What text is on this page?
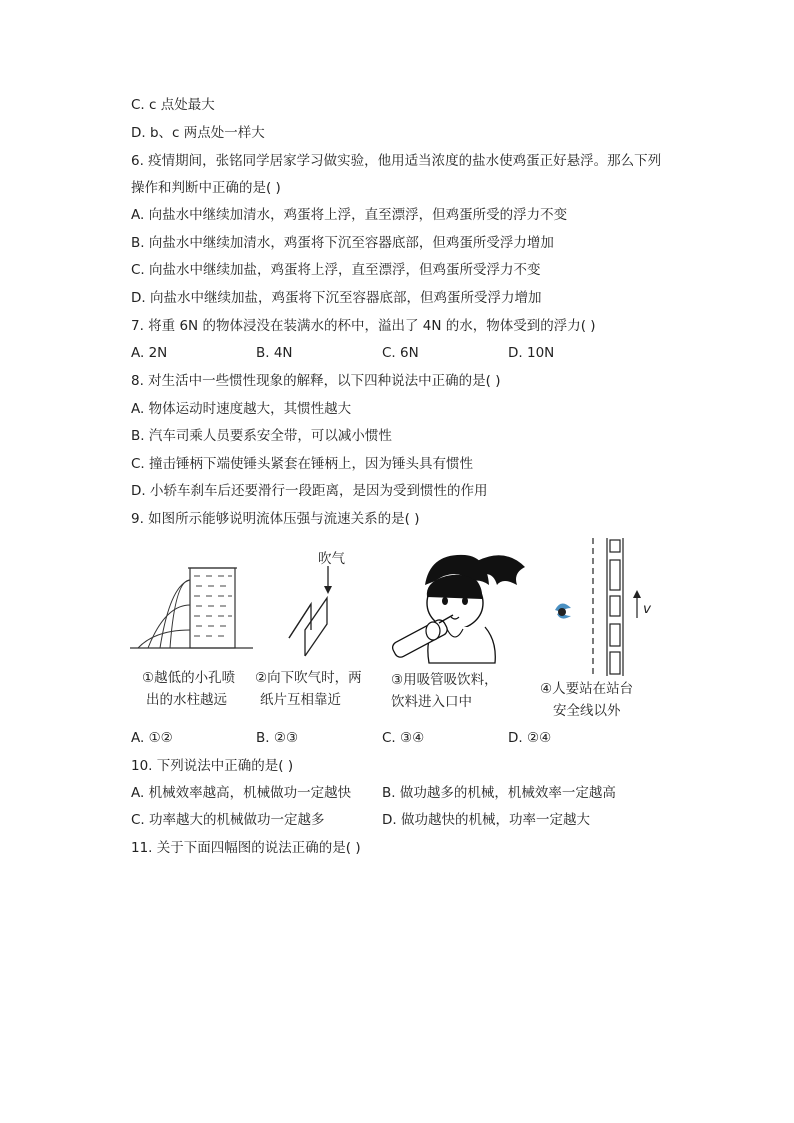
C. c 点处最大
D. b、c 两点处一样大
6. 疫情期间，张铭同学居家学习做实验，他用适当浓度的盐水使鸡蛋正好悬浮。那么下列
操作和判断中正确的是( )
A. 向盐水中继续加清水，鸡蛋将上浮，直至漂浮，但鸡蛋所受的浮力不变
B. 向盐水中继续加清水，鸡蛋将下沉至容器底部，但鸡蛋所受浮力增加
C. 向盐水中继续加盐，鸡蛋将上浮，直至漂浮，但鸡蛋所受浮力不变
D. 向盐水中继续加盐，鸡蛋将下沉至容器底部，但鸡蛋所受浮力增加
7. 将重 6N 的物体浸没在装满水的杯中，溢出了 4N 的水，物体受到的浮力( )
A. 2N	B. 4N	C. 6N	D. 10N
8. 对生活中一些惯性现象的解释，以下四种说法中正确的是( )
A. 物体运动时速度越大，其惯性越大
B. 汽车司乘人员要系安全带，可以减小惯性
C. 撞击锤柄下端使锤头紧套在锤柄上，因为锤头具有惯性
D. 小轿车刹车后还要滑行一段距离，是因为受到惯性的作用
9. 如图所示能够说明流体压强与流速关系的是( )
①越低的小孔喷
出的水柱越远
吹气
②向下吹气时，两
纸片互相靠近
③用吸管吸饮料，
饮料进入口中
v
④人要站在站台
安全线以外
A. ①②	B. ②③	C. ③④	D. ②④
10. 下列说法中正确的是( )
A. 机械效率越高，机械做功一定越快 B. 做功越多的机械，机械效率一定越高
C. 功率越大的机械做功一定越多	D. 做功越快的机械，功率一定越大
11. 关于下面四幅图的说法正确的是( )
